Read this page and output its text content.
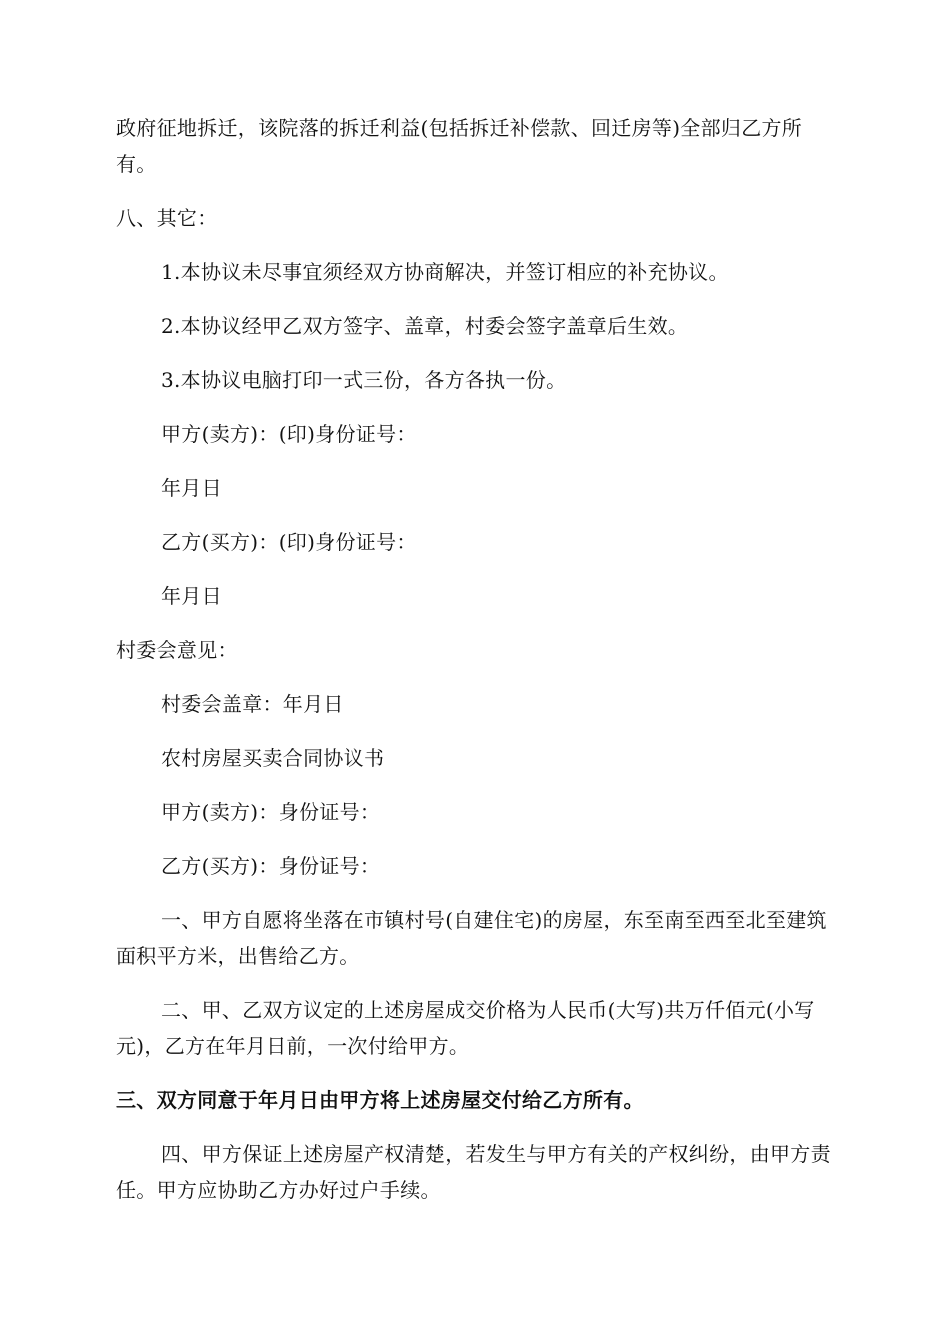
政府征地拆迁，该院落的拆迁利益(包括拆迁补偿款、回迁房等)全部归乙方所有。

八、其它：

1.本协议未尽事宜须经双方协商解决，并签订相应的补充协议。

2.本协议经甲乙双方签字、盖章，村委会签字盖章后生效。

3.本协议电脑打印一式三份，各方各执一份。

甲方(卖方)：(印)身份证号：

年月日

乙方(买方)：(印)身份证号：

年月日

村委会意见：

村委会盖章：年月日

农村房屋买卖合同协议书

甲方(卖方)：身份证号：

乙方(买方)：身份证号：

一、甲方自愿将坐落在市镇村号(自建住宅)的房屋，东至南至西至北至建筑面积平方米，出售给乙方。

二、甲、乙双方议定的上述房屋成交价格为人民币(大写)共万仟佰元(小写元)，乙方在年月日前，一次付给甲方。

三、双方同意于年月日由甲方将上述房屋交付给乙方所有。

四、甲方保证上述房屋产权清楚，若发生与甲方有关的产权纠纷，由甲方责任。甲方应协助乙方办好过户手续。
